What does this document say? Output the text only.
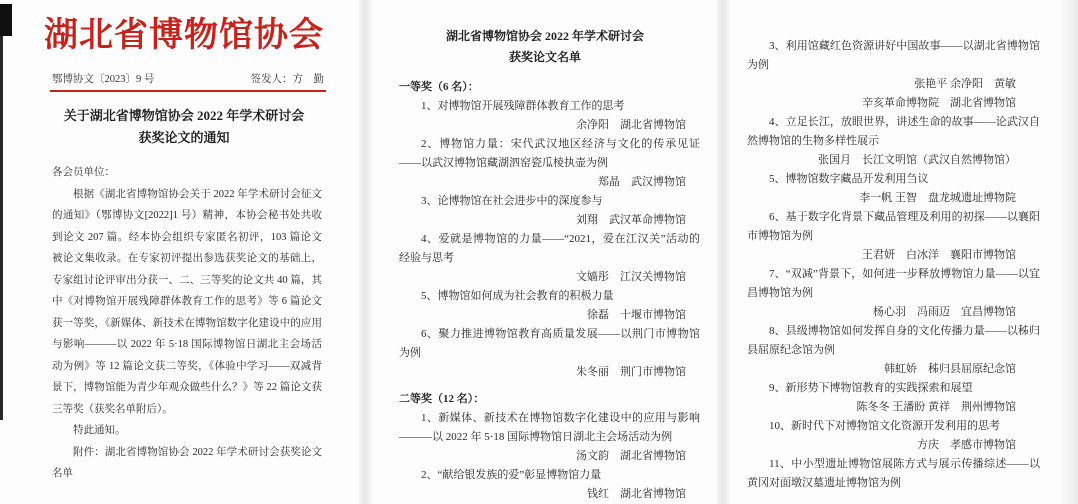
湖北省博物馆协会
鄂博协文〔2023〕9 号	签发人：方　勤
关于湖北省博物馆协会 2022 年学术研讨会
获奖论文的通知

各会员单位：

根据《湖北省博物馆协会关于 2022 年学术研讨会征文的通知》（鄂博协文[2022]1 号）精神，本协会秘书处共收到论文 207 篇。经本协会组织专家匿名初评，103 篇论文被论文集收录。在专家初评提出参选获奖论文的基础上，专家组讨论评审出分获一、二、三等奖的论文共 40 篇，其中《对博物馆开展残障群体教育工作的思考》等 6 篇论文获一等奖，《新媒体、新技术在博物馆数字化建设中的应用与影响———以 2022 年 5·18 国际博物馆日湖北主会场活动为例》等 12 篇论文获二等奖，《体验中学习——双减背景下，博物馆能为青少年观众做些什么？》等 22 篇论文获三等奖（获奖名单附后）。

特此通知。

附件：湖北省博物馆协会 2022 年学术研讨会获奖论文名单

湖北省博物馆协会 2022 年学术研讨会
获奖论文名单

一等奖（6 名）：

1、对博物馆开展残障群体教育工作的思考

余净阳　湖北省博物馆

2、博物馆力量：宋代武汉地区经济与文化的传承见证——以武汉博物馆藏湖泗窑瓷瓜棱执壶为例

郑晶　武汉博物馆

3、论博物馆在社会进步中的深度参与

刘翔　武汉革命博物馆

4、爱就是博物馆的力量——“2021，爱在江汉关”活动的经验与思考

文嫱彤　江汉关博物馆

5、博物馆如何成为社会教育的积极力量

徐磊　十堰市博物馆

6、聚力推进博物馆教育高质量发展——以荆门市博物馆为例

朱冬丽　荆门市博物馆

二等奖（12 名）：

1、新媒体、新技术在博物馆数字化建设中的应用与影响———以 2022 年 5·18 国际博物馆日湖北主会场活动为例

汤文韵　湖北省博物馆

2、“献给银发族的爱”彰显博物馆力量

钱红　湖北省博物馆

3、利用馆藏红色资源讲好中国故事——以湖北省博物馆为例

张艳平 余净阳　黄敏

辛亥革命博物院　湖北省博物馆

4、立足长江，放眼世界，讲述生命的故事——论武汉自然博物馆的生物多样性展示

张国月　长江文明馆（武汉自然博物馆）

5、博物馆数字藏品开发利用刍议

李一帆 王智　盘龙城遗址博物院

6、基于数字化背景下藏品管理及利用的初探——以襄阳市博物馆为例

王君妍　白冰洋　襄阳市博物馆

7、“双减”背景下，如何进一步释放博物馆力量——以宜昌博物馆为例

杨心羽　冯雨迈　宜昌博物馆

8、县级博物馆如何发挥自身的文化传播力量——以秭归县屈原纪念馆为例

韩虹娇　秭归县屈原纪念馆

9、新形势下博物馆教育的实践探索和展望

陈冬冬 王潘盼 黄祥　荆州博物馆

10、新时代下对博物馆文化资源开发利用的思考

方庆　孝感市博物馆

11、中小型遗址博物馆展陈方式与展示传播综述——以黄冈对面墩汉墓遗址博物馆为例
